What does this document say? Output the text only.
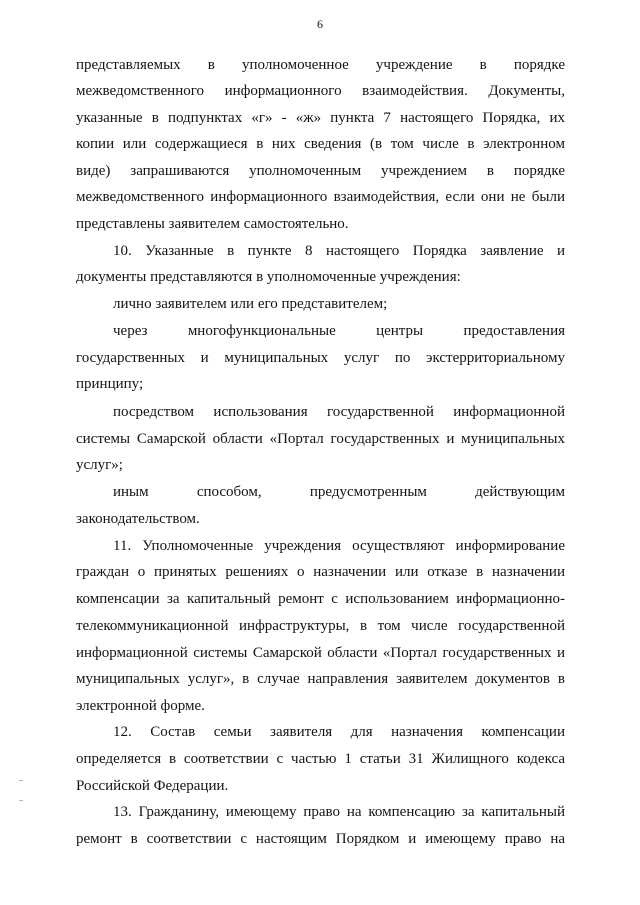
6
представляемых в уполномоченное учреждение в порядке
межведомственного информационного взаимодействия. Документы,
указанные в подпунктах «г» - «ж» пункта 7 настоящего Порядка, их
копии или содержащиеся в них сведения (в том числе в электронном
виде) запрашиваются уполномоченным учреждением в порядке
межведомственного информационного взаимодействия, если они не были
представлены заявителем самостоятельно.
10. Указанные в пункте 8 настоящего Порядка заявление и
документы представляются в уполномоченные учреждения:
лично заявителем или его представителем;
через многофункциональные центры предоставления
государственных и муниципальных услуг по экстерриториальному
принципу;
посредством использования государственной информационной
системы Самарской области «Портал государственных и муниципальных
услуг»;
иным способом, предусмотренным действующим
законодательством.
11. Уполномоченные учреждения осуществляют информирование
граждан о принятых решениях о назначении или отказе в назначении
компенсации за капитальный ремонт с использованием информационно-
телекоммуникационной инфраструктуры, в том числе государственной
информационной системы Самарской области «Портал государственных и
муниципальных услуг», в случае направления заявителем документов в
электронной форме.
12. Состав семьи заявителя для назначения компенсации
определяется в соответствии с частью 1 статьи 31 Жилищного кодекса
Российской Федерации.
13. Гражданину, имеющему право на компенсацию за капитальный
ремонт в соответствии с настоящим Порядком и имеющему право на
